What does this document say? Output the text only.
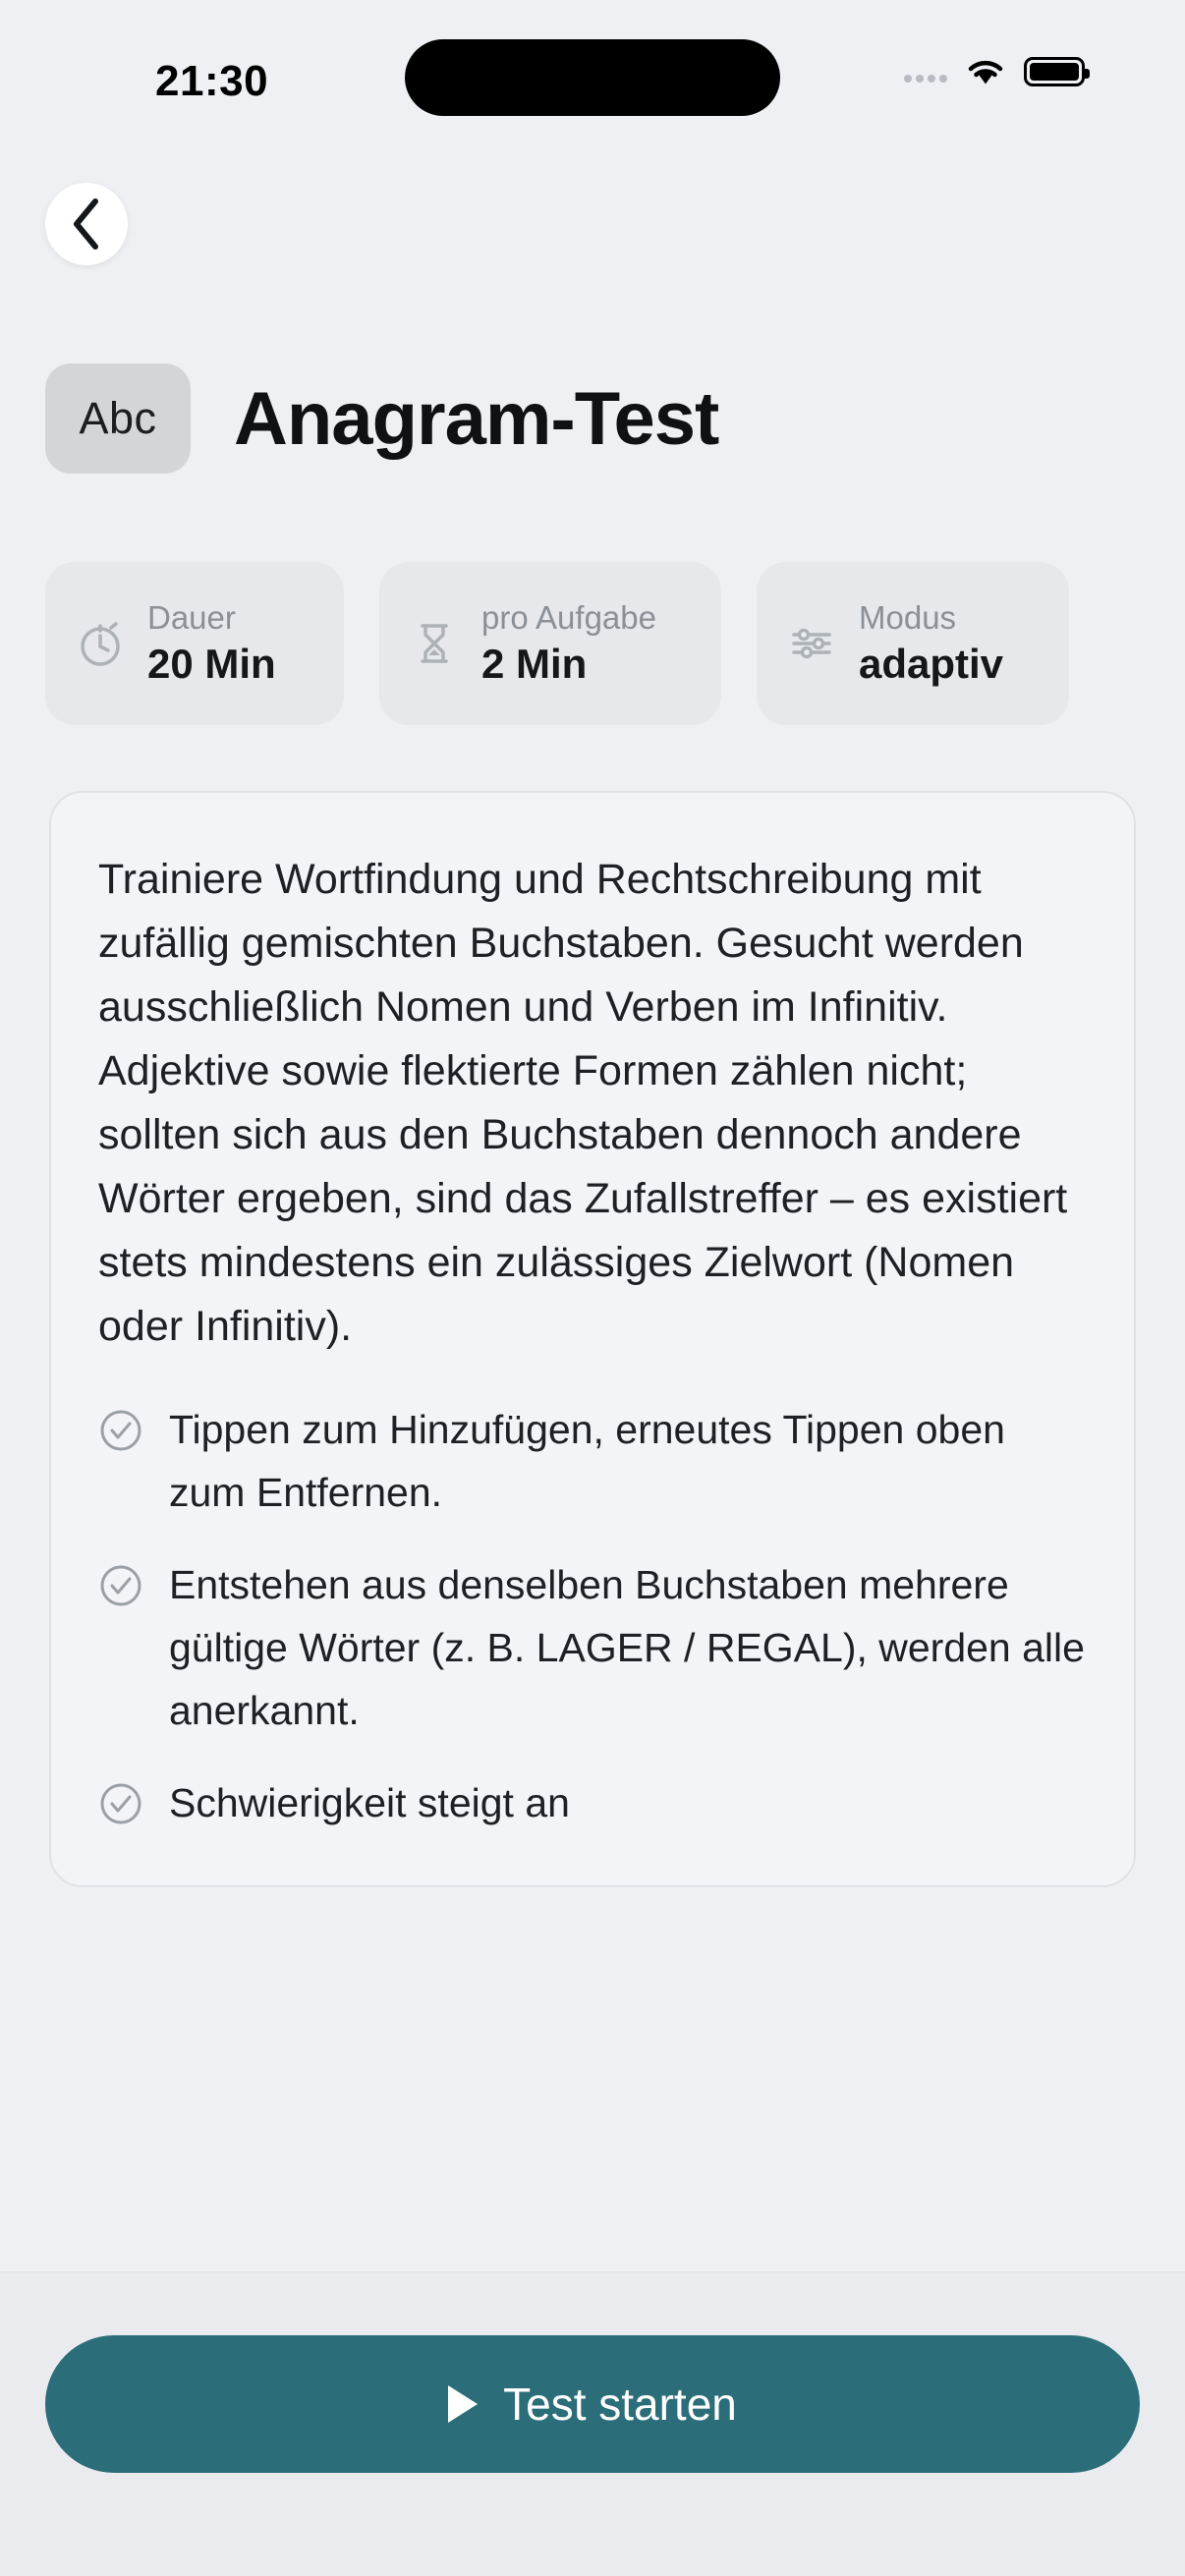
21:30
Abc	Anagram-Test
Dauer
20 Min
pro Aufgabe
2 Min
Modus
adaptiv

Trainiere Wortfindung und Rechtschreibung mit zufällig gemischten Buchstaben. Gesucht werden ausschließlich Nomen und Verben im Infinitiv. Adjektive sowie flektierte Formen zählen nicht; sollten sich aus den Buchstaben dennoch andere Wörter ergeben, sind das Zufallstreffer – es existiert stets mindestens ein zulässiges Zielwort (Nomen oder Infinitiv).

Tippen zum Hinzufügen, erneutes Tippen oben zum Entfernen.
Entstehen aus denselben Buchstaben mehrere gültige Wörter (z. B. LAGER / REGAL), werden alle anerkannt.
Schwierigkeit steigt an
Test starten
